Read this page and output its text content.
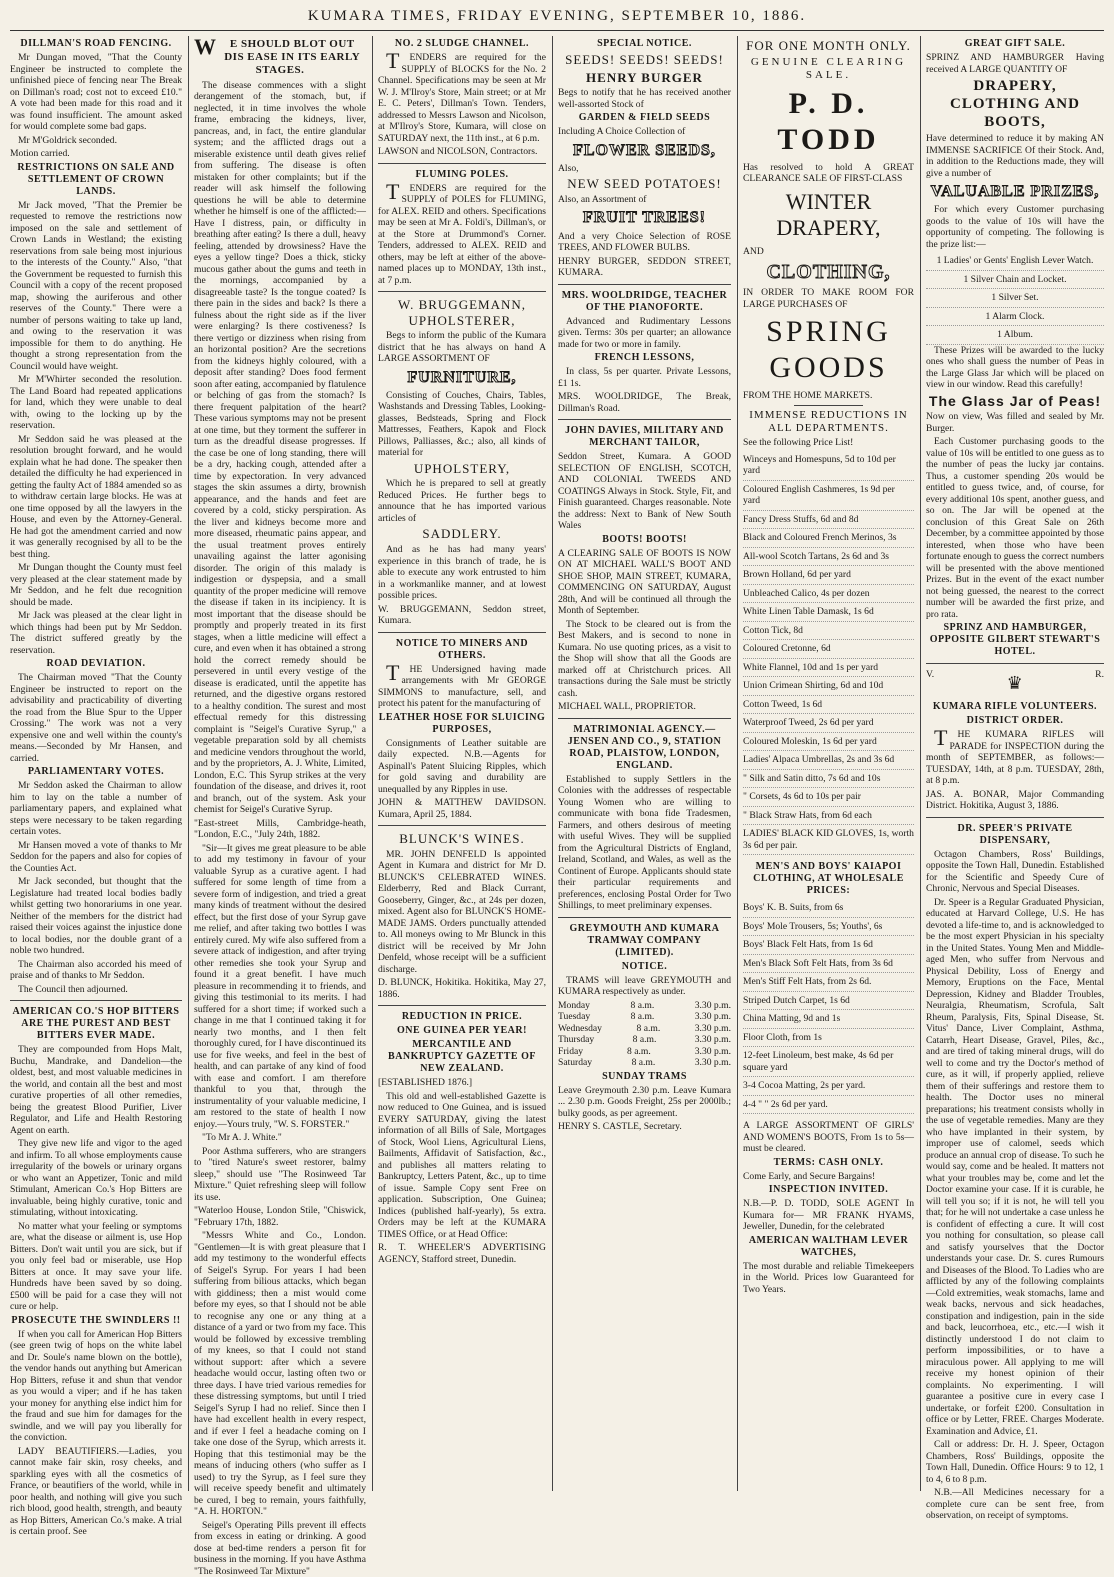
KUMARA TIMES, FRIDAY EVENING, SEPTEMBER 10, 1886.
DILLMAN'S ROAD FENCING.

Mr Dungan moved, "That the County Engineer be instructed to complete the unfinished piece of fencing near The Break on Dillman's road; cost not to exceed £10." A vote had been made for this road and it was found insufficient. The amount asked for would complete some bad gaps.

Mr M'Goldrick seconded.

Motion carried.

RESTRICTIONS ON SALE AND SETTLEMENT OF CROWN LANDS.

Mr Jack moved, "That the Premier be requested to remove the restrictions now imposed on the sale and settlement of Crown Lands in Westland; the existing reservations from sale being most injurious to the interests of the County." Also, "that the Government be requested to furnish this Council with a copy of the recent proposed map, showing the auriferous and other reserves of the County." There were a number of persons waiting to take up land, and owing to the reservation it was impossible for them to do anything. He thought a strong representation from the Council would have weight.

Mr M'Whirter seconded the resolution. The Land Board had repeated applications for land, which they were unable to deal with, owing to the locking up by the reservation.

Mr Seddon said he was pleased at the resolution brought forward, and he would explain what he had done. The speaker then detailed the difficulty he had experienced in getting the faulty Act of 1884 amended so as to withdraw certain large blocks. He was at one time opposed by all the lawyers in the House, and even by the Attorney-General. He had got the amendment carried and now it was generally recognised by all to be the best thing.

Mr Dungan thought the County must feel very pleased at the clear statement made by Mr Seddon, and he felt due recognition should be made.

Mr Jack was pleased at the clear light in which things had been put by Mr Seddon. The district suffered greatly by the reservation.

ROAD DEVIATION.

The Chairman moved "That the County Engineer be instructed to report on the advisability and practicability of diverting the road from the Blue Spur to the Upper Crossing." The work was not a very expensive one and well within the county's means.—Seconded by Mr Hansen, and carried.

PARLIAMENTARY VOTES.

Mr Seddon asked the Chairman to allow him to lay on the table a number of parliamentary papers, and explained what steps were necessary to be taken regarding certain votes.

Mr Hansen moved a vote of thanks to Mr Seddon for the papers and also for copies of the Counties Act.

Mr Jack seconded, but thought that the Legislature had treated local bodies badly whilst getting two honorariums in one year. Neither of the members for the district had raised their voices against the injustice done to local bodies, nor the double grant of a noble two hundred.

The Chairman also accorded his meed of praise and of thanks to Mr Seddon.

The Council then adjourned.

AMERICAN CO.'S HOP BITTERS ARE THE PUREST AND BEST BITTERS EVER MADE.

They are compounded from Hops Malt, Buchu, Mandrake, and Dandelion—the oldest, best, and most valuable medicines in the world, and contain all the best and most curative properties of all other remedies, being the greatest Blood Purifier, Liver Regulator, and Life and Health Restoring Agent on earth.

They give new life and vigor to the aged and infirm. To all whose employments cause irregularity of the bowels or urinary organs or who want an Appetizer, Tonic and mild Stimulant, American Co.'s Hop Bitters are invaluable, being highly curative, tonic and stimulating, without intoxicating.

No matter what your feeling or symptoms are, what the disease or ailment is, use Hop Bitters. Don't wait until you are sick, but if you only feel bad or miserable, use Hop Bitters at once. It may save your life. Hundreds have been saved by so doing. £500 will be paid for a case they will not cure or help.

PROSECUTE THE SWINDLERS !!

If when you call for American Hop Bitters (see green twig of hops on the white label and Dr. Soule's name blown on the bottle), the vendor hands out anything but American Hop Bitters, refuse it and shun that vendor as you would a viper; and if he has taken your money for anything else indict him for the fraud and sue him for damages for the swindle, and we will pay you liberally for the conviction.

LADY BEAUTIFIERS.—Ladies, you cannot make fair skin, rosy cheeks, and sparkling eyes with all the cosmetics of France, or beautifiers of the world, while in poor health, and nothing will give you such rich blood, good health, strength, and beauty as Hop Bitters, American Co.'s make. A trial is certain proof. See

WE SHOULD BLOT OUT DIS EASE IN ITS EARLY STAGES.

The disease commences with a slight derangement of the stomach, but, if neglected, it in time involves the whole frame, embracing the kidneys, liver, pancreas, and, in fact, the entire glandular system; and the afflicted drags out a miserable existence until death gives relief from suffering. The disease is often mistaken for other complaints; but if the reader will ask himself the following questions he will be able to determine whether he himself is one of the afflicted:—Have I distress, pain, or difficulty in breathing after eating? Is there a dull, heavy feeling, attended by drowsiness? Have the eyes a yellow tinge? Does a thick, sticky mucous gather about the gums and teeth in the mornings, accompanied by a disagreeable taste? Is the tongue coated? Is there pain in the sides and back? Is there a fulness about the right side as if the liver were enlarging? Is there costiveness? Is there vertigo or dizziness when rising from an horizontal position? Are the secretions from the kidneys highly coloured, with a deposit after standing? Does food ferment soon after eating, accompanied by flatulence or belching of gas from the stomach? Is there frequent palpitation of the heart? These various symptoms may not be present at one time, but they torment the sufferer in turn as the dreadful disease progresses. If the case be one of long standing, there will be a dry, hacking cough, attended after a time by expectoration. In very advanced stages the skin assumes a dirty, brownish appearance, and the hands and feet are covered by a cold, sticky perspiration. As the liver and kidneys become more and more diseased, rheumatic pains appear, and the usual treatment proves entirely unavailing against the latter agonising disorder. The origin of this malady is indigestion or dyspepsia, and a small quantity of the proper medicine will remove the disease if taken in its incipiency. It is most important that the disease should be promptly and properly treated in its first stages, when a little medicine will effect a cure, and even when it has obtained a strong hold the correct remedy should be persevered in until every vestige of the disease is eradicated, until the appetite has returned, and the digestive organs restored to a healthy condition. The surest and most effectual remedy for this distressing complaint is "Seigel's Curative Syrup," a vegetable preparation sold by all chemists and medicine vendors throughout the world, and by the proprietors, A. J. White, Limited, London, E.C. This Syrup strikes at the very foundation of the disease, and drives it, root and branch, out of the system. Ask your chemist for Seigel's Curative Syrup.

"East-street Mills, Cambridge-heath, "London, E.C., "July 24th, 1882.

"Sir—It gives me great pleasure to be able to add my testimony in favour of your valuable Syrup as a curative agent. I had suffered for some length of time from a severe form of indigestion, and tried a great many kinds of treatment without the desired effect, but the first dose of your Syrup gave me relief, and after taking two bottles I was entirely cured. My wife also suffered from a severe attack of indigestion, and after trying other remedies she took your Syrup and found it a great benefit. I have much pleasure in recommending it to friends, and giving this testimonial to its merits. I had suffered for a short time; if worked such a change in me that I continued taking it for nearly two months, and I then felt thoroughly cured, for I have discontinued its use for five weeks, and feel in the best of health, and can partake of any kind of food with ease and comfort. I am therefore thankful to you that, through the instrumentality of your valuable medicine, I am restored to the state of health I now enjoy.—Yours truly, "W. S. FORSTER."

"To Mr A. J. White."

Poor Asthma sufferers, who are strangers to "tired Nature's sweet restorer, balmy sleep," should use "The Rosinweed Tar Mixture." Quiet refreshing sleep will follow its use.

"Waterloo House, London Stile, "Chiswick, "February 17th, 1882.

"Messrs White and Co., London. "Gentlemen—It is with great pleasure that I add my testimony to the wonderful effects of Seigel's Syrup. For years I had been suffering from bilious attacks, which began with giddiness; then a mist would come before my eyes, so that I should not be able to recognise any one or any thing at a distance of a yard or two from my face. This would be followed by excessive trembling of my knees, so that I could not stand without support: after which a severe headache would occur, lasting often two or three days. I have tried various remedies for these distressing symptoms, but until I tried Seigel's Syrup I had no relief. Since then I have had excellent health in every respect, and if ever I feel a headache coming on I take one dose of the Syrup, which arrests it. Hoping that this testimonial may be the means of inducing others (who suffer as I used) to try the Syrup, as I feel sure they will receive speedy benefit and ultimately be cured, I beg to remain, yours faithfully, "A. H. HORTON."

Seigel's Operating Pills prevent ill effects from excess in eating or drinking. A good dose at bed-time renders a person fit for business in the morning. If you have Asthma "The Rosinweed Tar Mixture"

NO. 2 SLUDGE CHANNEL.

TENDERS are required for the SUPPLY of BLOCKS for the No. 2 Channel. Specifications may be seen at Mr W. J. M'Ilroy's Store, Main street; or at Mr E. C. Peters', Dillman's Town. Tenders, addressed to Messrs Lawson and Nicolson, at M'Ilroy's Store, Kumara, will close on SATURDAY next, the 11th inst., at 6 p.m.

LAWSON and NICOLSON, Contractors.

FLUMING POLES.

TENDERS are required for the SUPPLY of POLES for FLUMING, for ALEX. REID and others. Specifications may be seen at Mr A. Foldi's, Dillman's, or at the Store at Drummond's Corner. Tenders, addressed to ALEX. REID and others, may be left at either of the above-named places up to MONDAY, 13th inst., at 7 p.m.

W. BRUGGEMANN, UPHOLSTERER,

Begs to inform the public of the Kumara district that he has always on hand A LARGE ASSORTMENT OF

FURNITURE,

Consisting of Couches, Chairs, Tables, Washstands and Dressing Tables, Looking-glasses, Bedsteads, Spring and Flock Mattresses, Feathers, Kapok and Flock Pillows, Palliasses, &c.; also, all kinds of material for

UPHOLSTERY,

Which he is prepared to sell at greatly Reduced Prices. He further begs to announce that he has imported various articles of

SADDLERY.

And as he has had many years' experience in this branch of trade, he is able to execute any work entrusted to him in a workmanlike manner, and at lowest possible prices.

W. BRUGGEMANN, Seddon street, Kumara.

NOTICE TO MINERS AND OTHERS.

THE Undersigned having made arrangements with Mr GEORGE SIMMONS to manufacture, sell, and protect his patent for the manufacturing of

LEATHER HOSE FOR SLUICING PURPOSES,

Consignments of Leather suitable are daily expected. N.B.—Agents for Aspinall's Patent Sluicing Ripples, which for gold saving and durability are unequalled by any Ripples in use.

JOHN & MATTHEW DAVIDSON. Kumara, April 25, 1884.

BLUNCK'S WINES.

MR. JOHN DENFELD Is appointed Agent in Kumara and district for Mr D. BLUNCK'S CELEBRATED WINES. Elderberry, Red and Black Currant, Gooseberry, Ginger, &c., at 24s per dozen, mixed. Agent also for BLUNCK'S HOME-MADE JAMS. Orders punctually attended to. All moneys owing to Mr Blunck in this district will be received by Mr John Denfeld, whose receipt will be a sufficient discharge.

D. BLUNCK, Hokitika. Hokitika, May 27, 1886.

REDUCTION IN PRICE.
ONE GUINEA PER YEAR!
MERCANTILE AND BANKRUPTCY GAZETTE OF NEW ZEALAND.

[ESTABLISHED 1876.]

This old and well-established Gazette is now reduced to One Guinea, and is issued EVERY SATURDAY, giving the latest information of all Bills of Sale, Mortgages of Stock, Wool Liens, Agricultural Liens, Bailments, Affidavit of Satisfaction, &c., and publishes all matters relating to Bankruptcy, Letters Patent, &c., up to time of issue. Sample Copy sent Free on application. Subscription, One Guinea; Indices (published half-yearly), 5s extra. Orders may be left at the KUMARA TIMES Office, or at Head Office:

R. T. WHEELER'S ADVERTISING AGENCY, Stafford street, Dunedin.

SPECIAL NOTICE.
SEEDS! SEEDS! SEEDS!
HENRY BURGER

Begs to notify that he has received another well-assorted Stock of

GARDEN & FIELD SEEDS

Including A Choice Collection of

FLOWER SEEDS,

Also,

NEW SEED POTATOES!

Also, an Assortment of

FRUIT TREES!

And a very Choice Selection of ROSE TREES, AND FLOWER BULBS.

HENRY BURGER, SEDDON STREET, KUMARA.

MRS. WOOLDRIDGE, TEACHER OF THE PIANOFORTE.

Advanced and Rudimentary Lessons given. Terms: 30s per quarter; an allowance made for two or more in family.

FRENCH LESSONS,

In class, 5s per quarter. Private Lessons, £1 1s.

MRS. WOOLDRIDGE, The Break, Dillman's Road.

JOHN DAVIES, MILITARY AND MERCHANT TAILOR,

Seddon Street, Kumara. A GOOD SELECTION OF ENGLISH, SCOTCH, AND COLONIAL TWEEDS AND COATINGS Always in Stock. Style, Fit, and Finish guaranteed. Charges reasonable. Note the address: Next to Bank of New South Wales

BOOTS! BOOTS!

A CLEARING SALE OF BOOTS IS NOW ON AT MICHAEL WALL'S BOOT AND SHOE SHOP, MAIN STREET, KUMARA, COMMENCING ON SATURDAY, August 28th, And will be continued all through the Month of September.

The Stock to be cleared out is from the Best Makers, and is second to none in Kumara. No use quoting prices, as a visit to the Shop will show that all the Goods are marked off at Christchurch prices. All transactions during the Sale must be strictly cash.

MICHAEL WALL, PROPRIETOR.

MATRIMONIAL AGENCY.—JENSEN AND CO., 9, STATION ROAD, PLAISTOW, LONDON, ENGLAND.

Established to supply Settlers in the Colonies with the addresses of respectable Young Women who are willing to communicate with bona fide Tradesmen, Farmers, and others desirous of meeting with useful Wives. They will be supplied from the Agricultural Districts of England, Ireland, Scotland, and Wales, as well as the Continent of Europe. Applicants should state their particular requirements and preferences, enclosing Postal Order for Two Shillings, to meet preliminary expenses.

GREYMOUTH AND KUMARA TRAMWAY COMPANY (LIMITED).
NOTICE.

TRAMS will leave GREYMOUTH and KUMARA respectively as under.

Monday	8 a.m.	3.30 p.m.
Tuesday	8 a.m.	3.30 p.m.
Wednesday	8 a.m.	3.30 p.m.
Thursday	8 a.m.	3.30 p.m.
Friday	8 a.m.	3.30 p.m.
Saturday	8 a.m.	3.30 p.m.
SUNDAY TRAMS

Leave Greymouth 2.30 p.m. Leave Kumara ... 2.30 p.m. Goods Freight, 25s per 2000lb.; bulky goods, as per agreement.

HENRY S. CASTLE, Secretary.

FOR ONE MONTH ONLY.
GENUINE CLEARING SALE.
P. D. TODD

Has resolved to hold A GREAT CLEARANCE SALE OF FIRST-CLASS

WINTER DRAPERY,

AND

CLOTHING,

IN ORDER TO MAKE ROOM FOR LARGE PURCHASES OF

SPRING GOODS

FROM THE HOME MARKETS.

IMMENSE REDUCTIONS IN ALL DEPARTMENTS.

See the following Price List!

Winceys and Homespuns, 5d to 10d per yard
Coloured English Cashmeres, 1s 9d per yard
Fancy Dress Stuffs, 6d and 8d
Black and Coloured French Merinos, 3s
All-wool Scotch Tartans, 2s 6d and 3s
Brown Holland, 6d per yard
Unbleached Calico, 4s per dozen
White Linen Table Damask, 1s 6d
Cotton Tick, 8d
Coloured Cretonne, 6d
White Flannel, 10d and 1s per yard
Union Crimean Shirting, 6d and 10d
Cotton Tweed, 1s 6d
Waterproof Tweed, 2s 6d per yard
Coloured Moleskin, 1s 6d per yard
Ladies' Alpaca Umbrellas, 2s and 3s 6d
" Silk and Satin ditto, 7s 6d and 10s
" Corsets, 4s 6d to 10s per pair
" Black Straw Hats, from 6d each
LADIES' BLACK KID GLOVES, 1s, worth 3s 6d per pair.
MEN'S AND BOYS' KAIAPOI CLOTHING, AT WHOLESALE PRICES:
Boys' K. B. Suits, from 6s
Boys' Mole Trousers, 5s; Youths', 6s
Boys' Black Felt Hats, from 1s 6d
Men's Black Soft Felt Hats, from 3s 6d
Men's Stiff Felt Hats, from 2s 6d.
Striped Dutch Carpet, 1s 6d
China Matting, 9d and 1s
Floor Cloth, from 1s
12-feet Linoleum, best make, 4s 6d per square yard
3-4 Cocoa Matting, 2s per yard.
4-4 " " 2s 6d per yard.

A LARGE ASSORTMENT OF GIRLS' AND WOMEN'S BOOTS, From 1s to 5s—must be cleared.

TERMS: CASH ONLY.

Come Early, and Secure Bargains!

INSPECTION INVITED.

N.B.—P. D. TODD, SOLE AGENT In Kumara for— MR FRANK HYAMS, Jeweller, Dunedin, for the celebrated

AMERICAN WALTHAM LEVER WATCHES,

The most durable and reliable Timekeepers in the World. Prices low Guaranteed for Two Years.

GREAT GIFT SALE.

SPRINZ AND HAMBURGER Having received A LARGE QUANTITY OF

DRAPERY, CLOTHING AND BOOTS,

Have determined to reduce it by making AN IMMENSE SACRIFICE Of their Stock. And, in addition to the Reductions made, they will give a number of

VALUABLE PRIZES,

For which every Customer purchasing goods to the value of 10s will have the opportunity of competing. The following is the prize list:—

1 Ladies' or Gents' English Lever Watch.
1 Silver Chain and Locket.
1 Silver Set.
1 Alarm Clock.
1 Album.

These Prizes will be awarded to the lucky ones who shall guess the number of Peas in the Large Glass Jar which will be placed on view in our window. Read this carefully!

The Glass Jar of Peas!

Now on view, Was filled and sealed by Mr. Burger.

Each Customer purchasing goods to the value of 10s will be entitled to one guess as to the number of peas the lucky jar contains. Thus, a customer spending 20s would be entitled to guess twice, and, of course, for every additional 10s spent, another guess, and so on. The Jar will be opened at the conclusion of this Great Sale on 26th December, by a committee appointed by those interested, when those who have been fortunate enough to guess the correct numbers will be presented with the above mentioned Prizes. But in the event of the exact number not being guessed, the nearest to the correct number will be awarded the first prize, and pro rata.

SPRINZ AND HAMBURGER, OPPOSITE GILBERT STEWART'S HOTEL.
V.	♛	R.
KUMARA RIFLE VOLUNTEERS.
DISTRICT ORDER.

THE KUMARA RIFLES will PARADE for INSPECTION during the month of SEPTEMBER, as follows:— TUESDAY, 14th, at 8 p.m. TUESDAY, 28th, at 8 p.m.

JAS. A. BONAR, Major Commanding District. Hokitika, August 3, 1886.

DR. SPEER'S PRIVATE DISPENSARY,

Octagon Chambers, Ross' Buildings, opposite the Town Hall, Dunedin. Established for the Scientific and Speedy Cure of Chronic, Nervous and Special Diseases.

Dr. Speer is a Regular Graduated Physician, educated at Harvard College, U.S. He has devoted a life-time to, and is acknowledged to be the most expert Physician in his specialty in the United States. Young Men and Middle-aged Men, who suffer from Nervous and Physical Debility, Loss of Energy and Memory, Eruptions on the Face, Mental Depression, Kidney and Bladder Troubles, Neuralgia, Rheumatism, Scrofula, Salt Rheum, Paralysis, Fits, Spinal Disease, St. Vitus' Dance, Liver Complaint, Asthma, Catarrh, Heart Disease, Gravel, Piles, &c., and are tired of taking mineral drugs, will do well to come and try the Doctor's method of cure, as it will, if properly applied, relieve them of their sufferings and restore them to health. The Doctor uses no mineral preparations; his treatment consists wholly in the use of vegetable remedies. Many are they who have implanted in their system, by improper use of calomel, seeds which produce an annual crop of disease. To such he would say, come and be healed. It matters not what your troubles may be, come and let the Doctor examine your case. If it is curable, he will tell you so; if it is not, he will tell you that; for he will not undertake a case unless he is confident of effecting a cure. It will cost you nothing for consultation, so please call and satisfy yourselves that the Doctor understands your case. Dr. S. cures Rumours and Diseases of the Blood. To Ladies who are afflicted by any of the following complaints—Cold extremities, weak stomachs, lame and weak backs, nervous and sick headaches, constipation and indigestion, pain in the side and back, leucorrhoea, etc., etc.—I wish it distinctly understood I do not claim to perform impossibilities, or to have a miraculous power. All applying to me will receive my honest opinion of their complaints. No experimenting. I will guarantee a positive cure in every case I undertake, or forfeit £200. Consultation in office or by Letter, FREE. Charges Moderate. Examination and Advice, £1.

Call or address: Dr. H. J. Speer, Octagon Chambers, Ross' Buildings, opposite the Town Hall, Dunedin. Office Hours: 9 to 12, 1 to 4, 6 to 8 p.m.

N.B.—All Medicines necessary for a complete cure can be sent free, from observation, on receipt of symptoms.
